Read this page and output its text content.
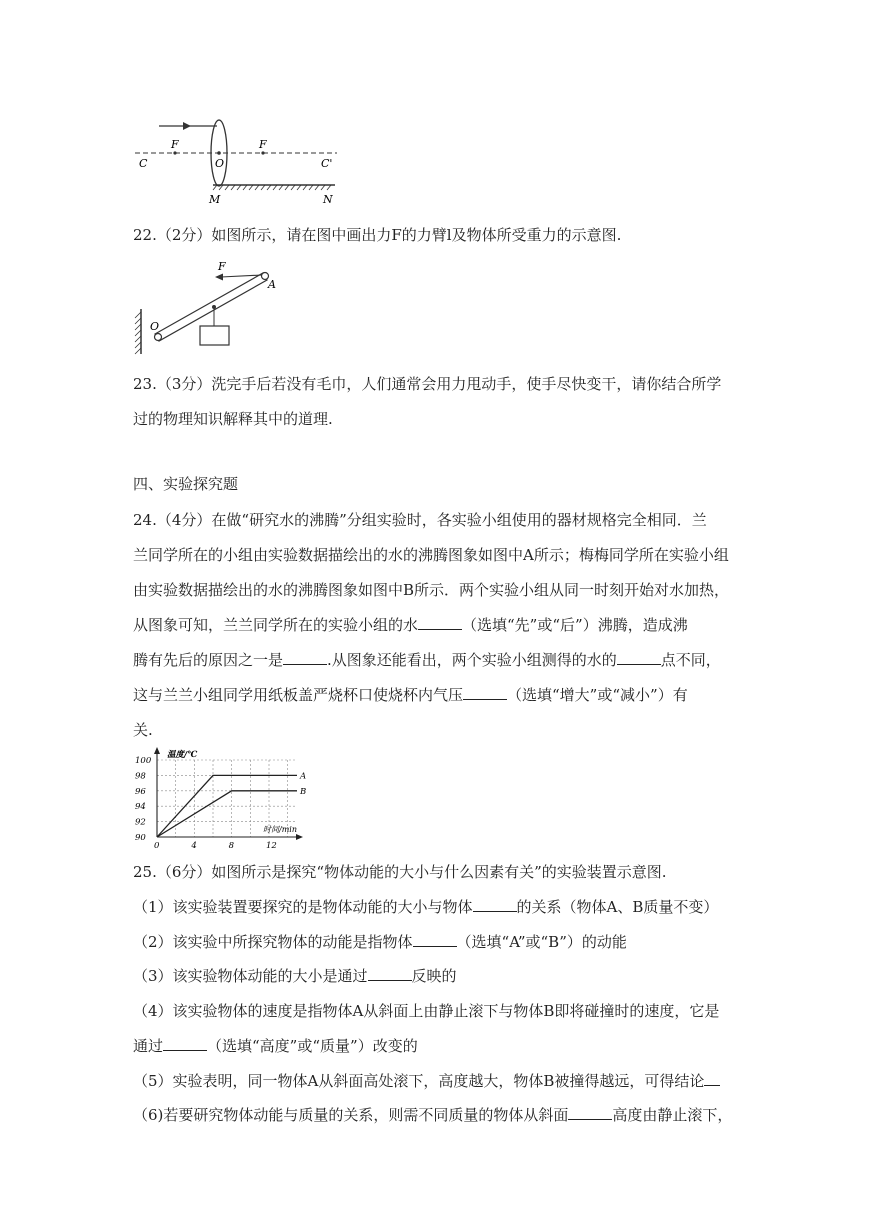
C
F
O
F
C'
M	N
22.（2分）如图所示，请在图中画出力F的力臂l及物体所受重力的示意图.
F
A
O
23.（3分）洗完手后若没有毛巾，人们通常会用力甩动手，使手尽快变干，请你结合所学
过的物理知识解释其中的道理.
四、实验探究题
24.（4分）在做“研究水的沸腾”分组实验时，各实验小组使用的器材规格完全相同．兰
兰同学所在的小组由实验数据描绘出的水的沸腾图象如图中A所示；梅梅同学所在实验小组
由实验数据描绘出的水的沸腾图象如图中B所示．两个实验小组从同一时刻开始对水加热，
从图象可知，兰兰同学所在的实验小组的水	（选填“先”或“后”）沸腾，造成沸
腾有先后的原因之一是	.从图象还能看出，两个实验小组测得的水的	点不同，
这与兰兰小组同学用纸板盖严烧杯口使烧杯内气压	（选填“增大”或“减小”）有
关.
温度/℃
时间/min
100
98
96
94
92
90
0	4	8	12
A
B
25.（6分）如图所示是探究“物体动能的大小与什么因素有关”的实验装置示意图.
（1）该实验装置要探究的是物体动能的大小与物体	的关系（物体A、B质量不变）
（2）该实验中所探究物体的动能是指物体	（选填“A”或“B”）的动能
（3）该实验物体动能的大小是通过	反映的
（4）该实验物体的速度是指物体A从斜面上由静止滚下与物体B即将碰撞时的速度，它是
通过	（选填“高度”或“质量”）改变的
（5）实验表明，同一物体A从斜面高处滚下，高度越大，物体B被撞得越远，可得结论
（6)若要研究物体动能与质量的关系，则需不同质量的物体从斜面	高度由静止滚下，
